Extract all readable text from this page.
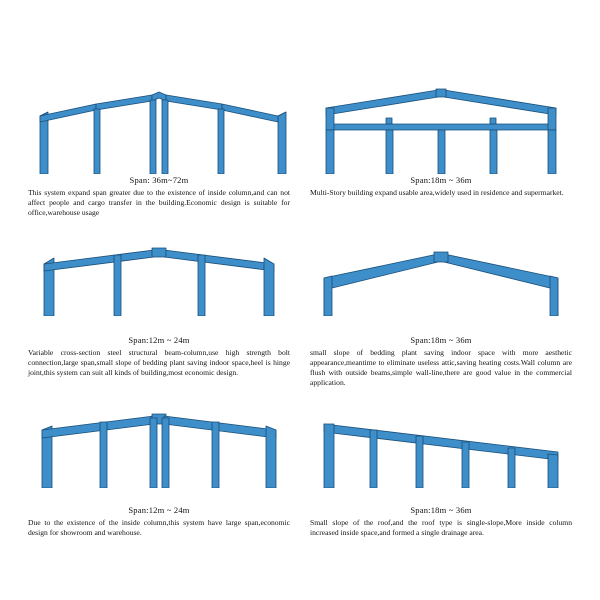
Span: 36m~72m

This system expand span greater due to the existence of inside column,and can not affect people and cargo transfer in the building.Economic design is suitable for office,warehouse usage

Span:18m ~ 36m

Multi-Story building expand usable area,widely used in residence and supermarket.

Span:12m ~ 24m

Variable cross-section steel structural beam-column,use high strength bolt connection,large span,small slope of bedding plant saving indoor space,heel is hinge joint,this system can suit all kinds of building,most economic design.

Span:18m ~ 36m

small slope of bedding plant saving indoor space with more aesthetic appearance,meantime to eliminate useless attic,saving heating costs.Wall column are flush with outside beams,simple wall-line,there are good value in the commercial application.

Span:12m ~ 24m

Due to the existence of the inside column,this system have large span,economic design for showroom and warehouse.

Span:18m ~ 36m

Small slope of the roof,and the roof type is single-slope,More inside column increased inside space,and formed a single drainage area.
